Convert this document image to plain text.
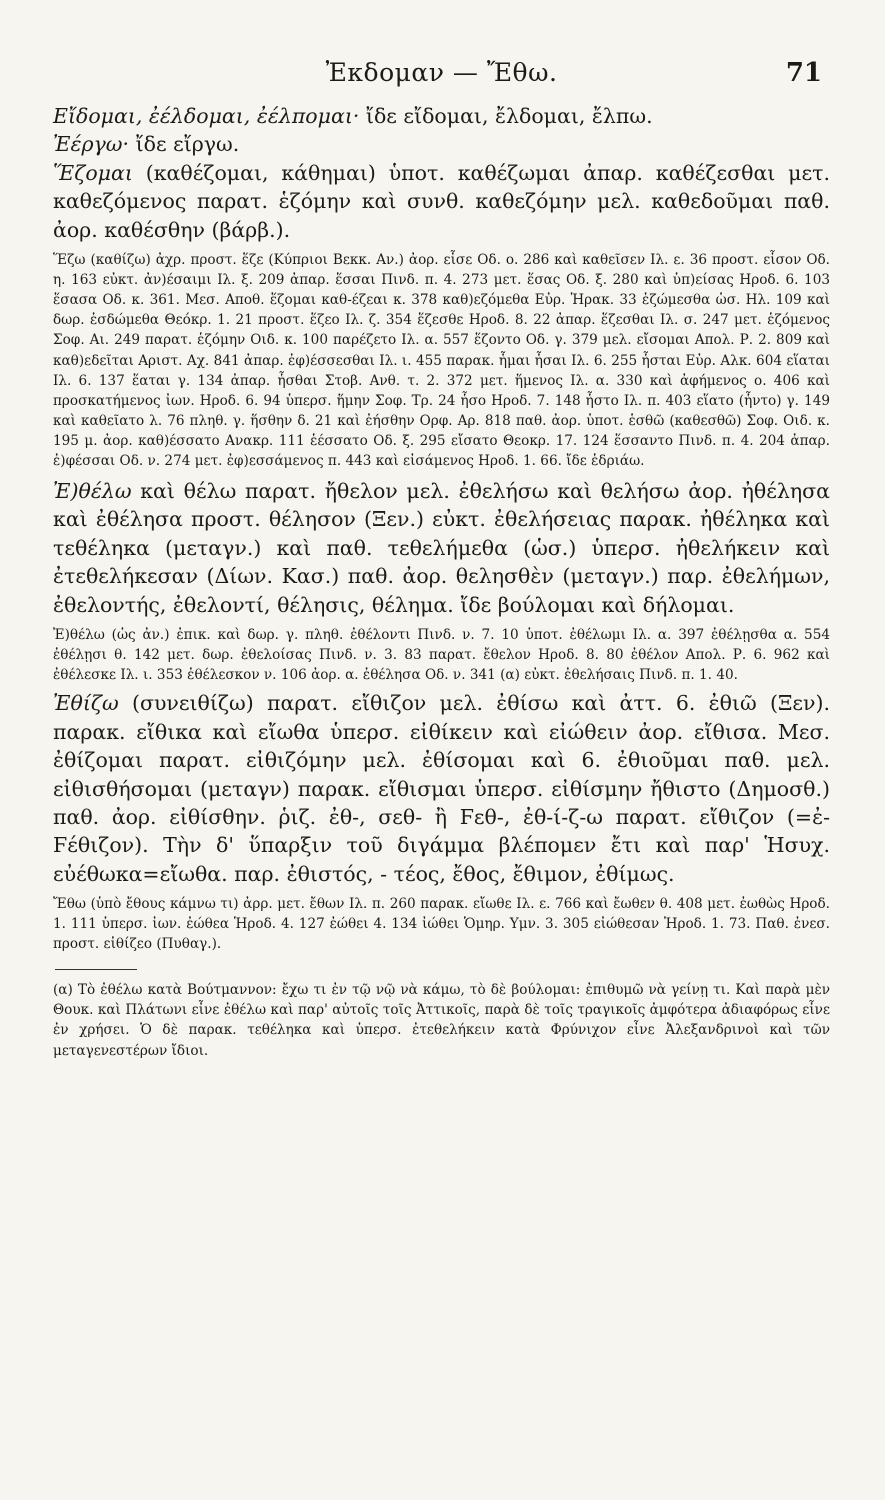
Ἐκδομαν — Ἔθω.	71

Εἴδομαι, ἐέλδομαι, ἐέλπομαι· ἴδε εἴδομαι, ἔλδομαι, ἔλπω.

Ἐέργω· ἴδε εἴργω.

Ἕζομαι (καθέζομαι, κάθημαι) ὑποτ. καθέζωμαι ἀπαρ. καθέζεσθαι μετ. καθεζόμενος παρατ. ἑζόμην καὶ συνθ. καθεζόμην μελ. καθεδοῦμαι παθ. ἀορ. καθέσθην (βάρβ.).

Ἕζω (καθίζω) ἀχρ. προστ. ἕζε (Κύπριοι Βεκκ. Αν.) ἀορ. εἷσε Οδ. ο. 286 καὶ καθεῖσεν Ιλ. ε. 36 προστ. εἷσον Οδ. η. 163 εὐκτ. ἀν)έσαιμι Ιλ. ξ. 209 ἀπαρ. ἕσσαι Πινδ. π. 4. 273 μετ. ἕσας Οδ. ξ. 280 καὶ ὑπ)είσας Ηροδ. 6. 103 ἕσασα Οδ. κ. 361. Μεσ. Αποθ. ἕζομαι καθ-έζεαι κ. 378 καθ)εζόμεθα Εὐρ. Ἡρακ. 33 ἑζώμεσθα ὡσ. Ηλ. 109 καὶ δωρ. ἑσδώμεθα Θεόκρ. 1. 21 προστ. ἕζεο Ιλ. ζ. 354 ἕζεσθε Ηροδ. 8. 22 ἀπαρ. ἕζεσθαι Ιλ. σ. 247 μετ. ἑζόμενος Σοφ. Αι. 249 παρατ. ἑζόμην Οιδ. κ. 100 παρέζετο Ιλ. α. 557 ἕζοντο Οδ. γ. 379 μελ. εἴσομαι Απολ. Ρ. 2. 809 καὶ καθ)εδεῖται Αριστ. Αχ. 841 ἀπαρ. ἐφ)έσσεσθαι Ιλ. ι. 455 παρακ. ἧμαι ἧσαι Ιλ. 6. 255 ἧσται Εὐρ. Αλκ. 604 εἵαται Ιλ. 6. 137 ἕαται γ. 134 ἀπαρ. ἧσθαι Στοβ. Ανθ. τ. 2. 372 μετ. ἥμενος Ιλ. α. 330 καὶ ἀφήμενος ο. 406 καὶ προσκατήμενος ἰων. Ηροδ. 6. 94 ὑπερσ. ἥμην Σοφ. Τρ. 24 ἧσο Ηροδ. 7. 148 ἧστο Ιλ. π. 403 εἵατο (ἧντο) γ. 149 καὶ καθεῖατο λ. 76 πληθ. γ. ἥσθην δ. 21 καὶ ἐήσθην Ορφ. Αρ. 818 παθ. ἀορ. ὑποτ. ἑσθῶ (καθεσθῶ) Σοφ. Οιδ. κ. 195 μ. ἀορ. καθ)έσσατο Ανακρ. 111 ἑέσσατο Οδ. ξ. 295 εἴσατο Θεοκρ. 17. 124 ἕσσαντο Πινδ. π. 4. 204 ἀπαρ. ἐ)φέσσαι Οδ. ν. 274 μετ. ἐφ)εσσάμενος π. 443 καὶ εἰσάμενος Ηροδ. 1. 66. ἴδε ἑδριάω.

Ἐ)θέλω καὶ θέλω παρατ. ἤθελον μελ. ἐθελήσω καὶ θελήσω ἀορ. ἠθέλησα καὶ ἐθέλησα προστ. θέλησον (Ξεν.) εὐκτ. ἐθελήσειας παρακ. ἠθέληκα καὶ τεθέληκα (μεταγν.) καὶ παθ. τεθελήμεθα (ὡσ.) ὑπερσ. ἠθελήκειν καὶ ἐτεθελήκεσαν (Δίων. Κασ.) παθ. ἀορ. θελησθὲν (μεταγν.) παρ. ἐθελήμων, ἐθελοντής, ἐθελοντί, θέλησις, θέλημα. ἴδε βούλομαι καὶ δήλομαι.

Ἐ)θέλω (ὡς ἀν.) ἐπικ. καὶ δωρ. γ. πληθ. ἐθέλοντι Πινδ. ν. 7. 10 ὑποτ. ἐθέλωμι Ιλ. α. 397 ἐθέλῃσθα α. 554 ἐθέλῃσι θ. 142 μετ. δωρ. ἐθελοίσας Πινδ. ν. 3. 83 παρατ. ἔθελον Ηροδ. 8. 80 ἐθέλον Απολ. Ρ. 6. 962 καὶ ἐθέλεσκε Ιλ. ι. 353 ἐθέλεσκον ν. 106 ἀορ. α. ἐθέλησα Οδ. ν. 341 (α) εὐκτ. ἐθελήσαις Πινδ. π. 1. 40.

Ἐθίζω (συνειθίζω) παρατ. εἴθιζον μελ. ἐθίσω καὶ ἀττ. 6. ἐθιῶ (Ξεν). παρακ. εἴθικα καὶ εἴωθα ὑπερσ. εἰθίκειν καὶ εἰώθειν ἀορ. εἴθισα. Μεσ. ἐθίζομαι παρατ. εἰθιζόμην μελ. ἐθίσομαι καὶ 6. ἐθιοῦμαι παθ. μελ. εἰθισθήσομαι (μεταγν) παρακ. εἴθισμαι ὑπερσ. εἰθίσμην ἤθιστο (Δημοσθ.) παθ. ἀορ. εἰθίσθην. ῥιζ. ἐθ-, σεθ- ἢ Ϝεθ-, ἐθ-ί-ζ-ω παρατ. εἴθιζον (=ἐ-Ϝέθιζον). Τὴν δ' ὕπαρξιν τοῦ διγάμμα βλέπομεν ἔτι καὶ παρ' Ἡσυχ. εὐέθωκα=εἴωθα. παρ. ἐθιστός, - τέος, ἔθος, ἔθιμον, ἐθίμως.

Ἔθω (ὑπὸ ἔθους κάμνω τι) ἀρρ. μετ. ἔθων Ιλ. π. 260 παρακ. εἴωθε Ιλ. ε. 766 καὶ ἔωθεν θ. 408 μετ. ἐωθὼς Ηροδ. 1. 111 ὑπερσ. ἰων. ἐώθεα Ἡροδ. 4. 127 ἐώθει 4. 134 ἰώθει Ὁμηρ. Υμν. 3. 305 εἰώθεσαν Ἡροδ. 1. 73. Παθ. ἐνεσ. προστ. εἰθίζεο (Πυθαγ.).

(α) Τὸ ἐθέλω κατὰ Βούτμαννον: ἔχω τι ἐν τῷ νῷ νὰ κάμω, τὸ δὲ βούλομαι: ἐπιθυμῶ νὰ γείνῃ τι. Καὶ παρὰ μὲν Θουκ. καὶ Πλάτωνι εἶνε ἐθέλω καὶ παρ' αὐτοῖς τοῖς Ἀττικοῖς, παρὰ δὲ τοῖς τραγικοῖς ἀμφότερα ἀδιαφόρως εἶνε ἐν χρήσει. Ὁ δὲ παρακ. τεθέληκα καὶ ὑπερσ. ἐτεθελήκειν κατὰ Φρύνιχον εἶνε Ἀλεξανδρινοὶ καὶ τῶν μεταγενεστέρων ἴδιοι.
